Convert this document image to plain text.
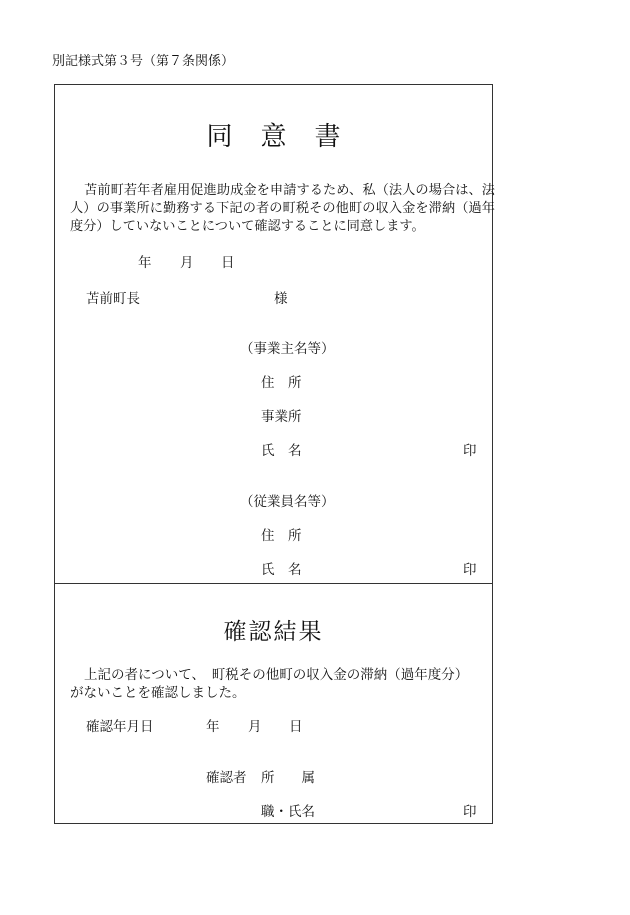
別記様式第３号（第７条関係）
同意書
苫前町若年者雇用促進助成金を申請するため、私（法人の場合は、法人）の事業所に勤務する下記の者の町税その他町の収入金を滞納（過年度分）していないことについて確認することに同意します。
年 月 日
苫前町長	様
（事業主名等）
住　所
事業所
氏　名	印
（従業員名等）
住　所
氏　名	印
確認結果
上記の者について、　町税その他町の収入金の滞納（過年度分）
がないことを確認しました。
確認年月日	年 月 日
確認者 所　　属
職・氏名	印
